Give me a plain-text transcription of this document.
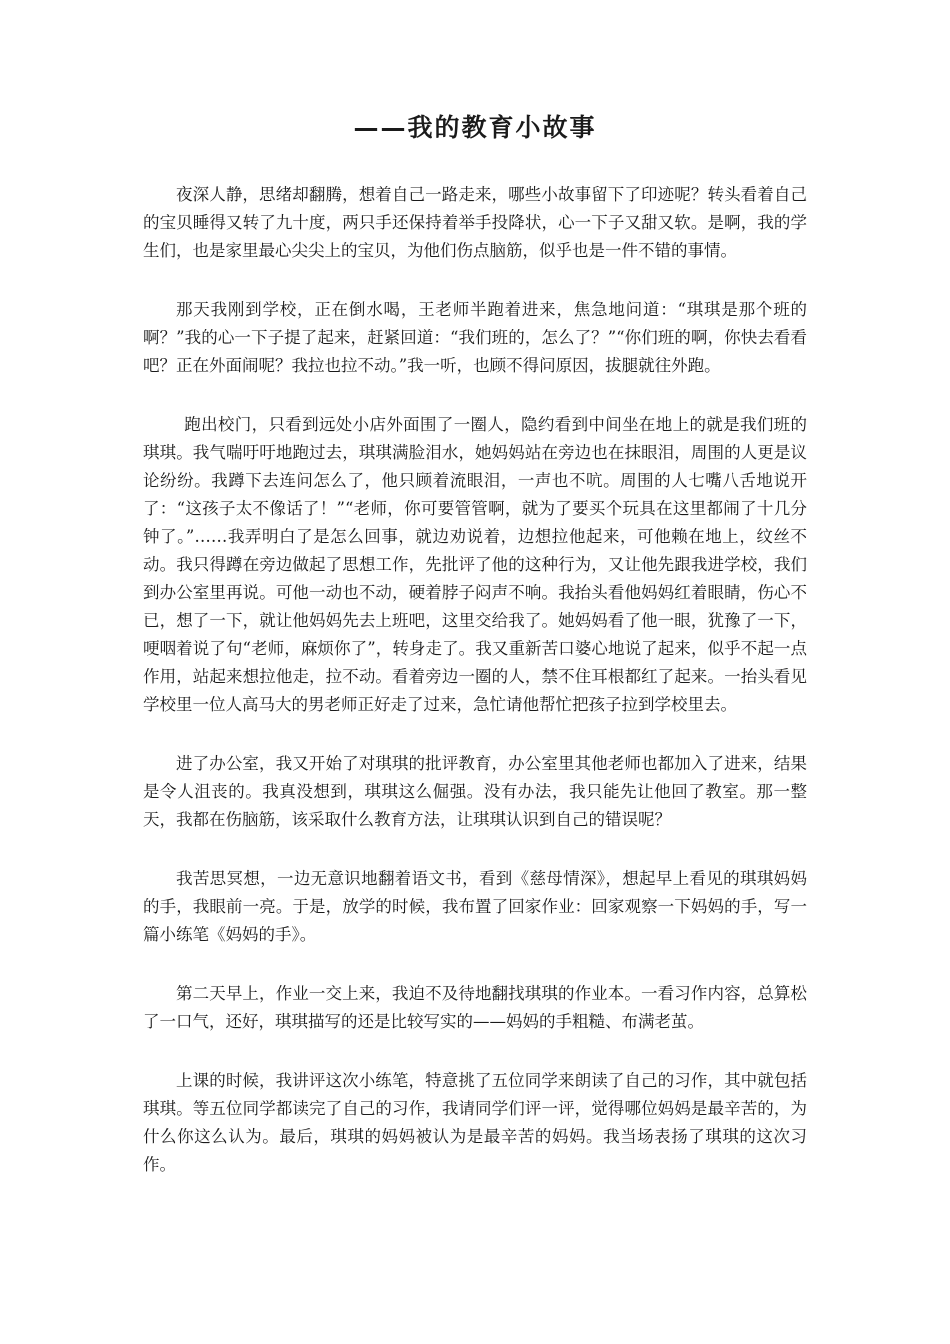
——我的教育小故事

夜深人静，思绪却翻腾，想着自己一路走来，哪些小故事留下了印迹呢？转头看着自己的宝贝睡得又转了九十度，两只手还保持着举手投降状，心一下子又甜又软。是啊，我的学生们，也是家里最心尖尖上的宝贝，为他们伤点脑筋，似乎也是一件不错的事情。

那天我刚到学校，正在倒水喝，王老师半跑着进来，焦急地问道：“琪琪是那个班的啊？”我的心一下子提了起来，赶紧回道：“我们班的，怎么了？”“你们班的啊，你快去看看吧？正在外面闹呢？我拉也拉不动。”我一听，也顾不得问原因，拔腿就往外跑。

跑出校门，只看到远处小店外面围了一圈人，隐约看到中间坐在地上的就是我们班的琪琪。我气喘吁吁地跑过去，琪琪满脸泪水，她妈妈站在旁边也在抹眼泪，周围的人更是议论纷纷。我蹲下去连问怎么了，他只顾着流眼泪，一声也不吭。周围的人七嘴八舌地说开了：“这孩子太不像话了！”“老师，你可要管管啊，就为了要买个玩具在这里都闹了十几分钟了。”……我弄明白了是怎么回事，就边劝说着，边想拉他起来，可他赖在地上，纹丝不动。我只得蹲在旁边做起了思想工作，先批评了他的这种行为，又让他先跟我进学校，我们到办公室里再说。可他一动也不动，硬着脖子闷声不响。我抬头看他妈妈红着眼睛，伤心不已，想了一下，就让他妈妈先去上班吧，这里交给我了。她妈妈看了他一眼，犹豫了一下，哽咽着说了句“老师，麻烦你了”，转身走了。我又重新苦口婆心地说了起来，似乎不起一点作用，站起来想拉他走，拉不动。看着旁边一圈的人，禁不住耳根都红了起来。一抬头看见学校里一位人高马大的男老师正好走了过来，急忙请他帮忙把孩子拉到学校里去。

进了办公室，我又开始了对琪琪的批评教育，办公室里其他老师也都加入了进来，结果是令人沮丧的。我真没想到，琪琪这么倔强。没有办法，我只能先让他回了教室。那一整天，我都在伤脑筋，该采取什么教育方法，让琪琪认识到自己的错误呢？

我苦思冥想，一边无意识地翻着语文书，看到《慈母情深》，想起早上看见的琪琪妈妈的手，我眼前一亮。于是，放学的时候，我布置了回家作业：回家观察一下妈妈的手，写一篇小练笔《妈妈的手》。

第二天早上，作业一交上来，我迫不及待地翻找琪琪的作业本。一看习作内容，总算松了一口气，还好，琪琪描写的还是比较写实的——妈妈的手粗糙、布满老茧。

上课的时候，我讲评这次小练笔，特意挑了五位同学来朗读了自己的习作，其中就包括琪琪。等五位同学都读完了自己的习作，我请同学们评一评，觉得哪位妈妈是最辛苦的，为什么你这么认为。最后，琪琪的妈妈被认为是最辛苦的妈妈。我当场表扬了琪琪的这次习作。
